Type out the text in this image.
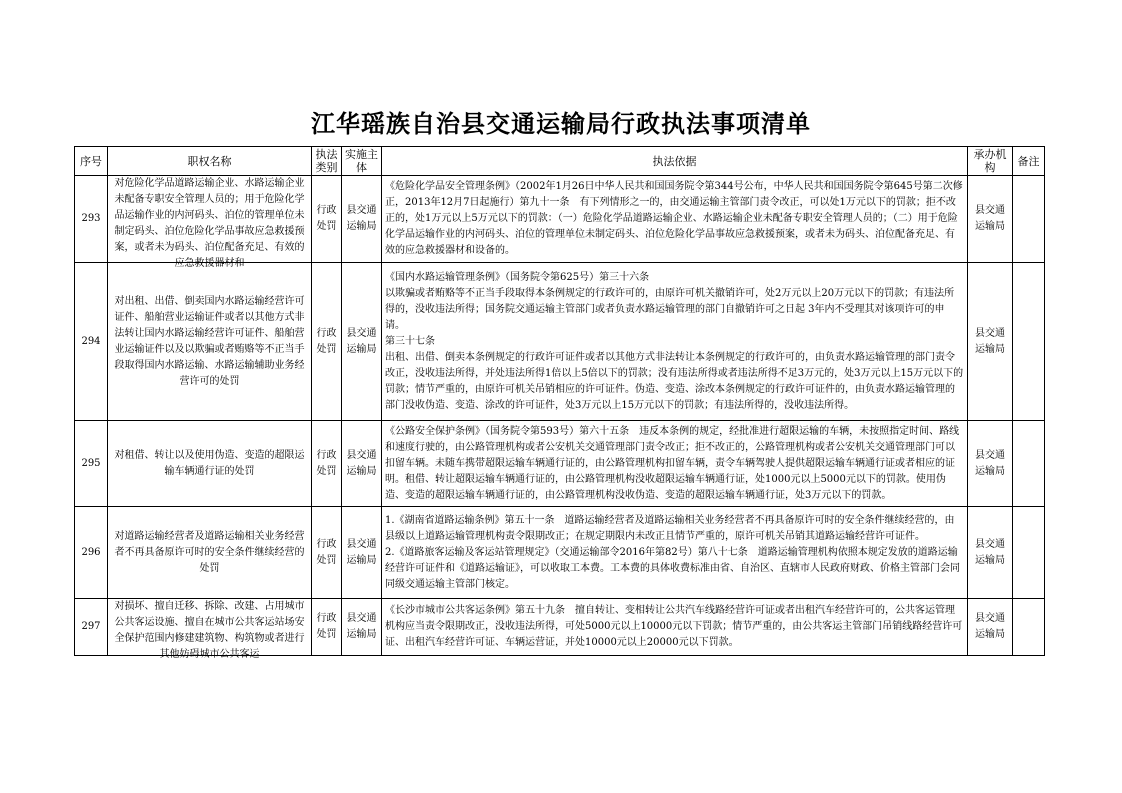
江华瑶族自治县交通运输局行政执法事项清单
序号	职权名称	执法类别	实施主体	执法依据	承办机构	备注
293	对危险化学品道路运输企业、水路运输企业未配备专职安全管理人员的；用于危险化学品运输作业的内河码头、泊位的管理单位未制定码头、泊位危险化学品事故应急救援预案，或者未为码头、泊位配备充足、有效的应急救援器材和	行政处罚	县交通运输局	《危险化学品安全管理条例》（2002年1月26日中华人民共和国国务院令第344号公布，中华人民共和国国务院令第645号第二次修正，2013年12月7日起施行）第九十一条　有下列情形之一的，由交通运输主管部门责令改正，可以处1万元以下的罚款；拒不改正的，处1万元以上5万元以下的罚款：（一）危险化学品道路运输企业、水路运输企业未配备专职安全管理人员的；（二）用于危险化学品运输作业的内河码头、泊位的管理单位未制定码头、泊位危险化学品事故应急救援预案，或者未为码头、泊位配备充足、有效的应急救援器材和设备的。	县交通运输局	
294	对出租、出借、倒卖国内水路运输经营许可证件、船舶营业运输证件或者以其他方式非法转让国内水路运输经营许可证件、船舶营业运输证件以及以欺骗或者贿赂等不正当手段取得国内水路运输、水路运输辅助业务经营许可的处罚	行政处罚	县交通运输局	《国内水路运输管理条例》（国务院令第625号）第三十六条
以欺骗或者贿赂等不正当手段取得本条例规定的行政许可的，由原许可机关撤销许可，处2万元以上20万元以下的罚款；有违法所得的，没收违法所得；国务院交通运输主管部门或者负责水路运输管理的部门自撤销许可之日起 3年内不受理其对该项许可的申请。
第三十七条
出租、出借、倒卖本条例规定的行政许可证件或者以其他方式非法转让本条例规定的行政许可的，由负责水路运输管理的部门责令改正，没收违法所得，并处违法所得1倍以上5倍以下的罚款；没有违法所得或者违法所得不足3万元的，处3万元以上15万元以下的罚款；情节严重的，由原许可机关吊销相应的许可证件。伪造、变造、涂改本条例规定的行政许可证件的，由负责水路运输管理的部门没收伪造、变造、涂改的许可证件，处3万元以上15万元以下的罚款；有违法所得的，没收违法所得。	县交通运输局	
295	对租借、转让以及使用伪造、变造的超限运输车辆通行证的处罚	行政处罚	县交通运输局	《公路安全保护条例》（国务院令第593号）第六十五条　违反本条例的规定，经批准进行超限运输的车辆，未按照指定时间、路线和速度行驶的，由公路管理机构或者公安机关交通管理部门责令改正；拒不改正的，公路管理机构或者公安机关交通管理部门可以扣留车辆。未随车携带超限运输车辆通行证的，由公路管理机构扣留车辆，责令车辆驾驶人提供超限运输车辆通行证或者相应的证明。租借、转让超限运输车辆通行证的，由公路管理机构没收超限运输车辆通行证，处1000元以上5000元以下的罚款。使用伪造、变造的超限运输车辆通行证的，由公路管理机构没收伪造、变造的超限运输车辆通行证，处3万元以下的罚款。	县交通运输局	
296	对道路运输经营者及道路运输相关业务经营者不再具备原许可时的安全条件继续经营的处罚	行政处罚	县交通运输局	1.《湖南省道路运输条例》第五十一条　道路运输经营者及道路运输相关业务经营者不再具备原许可时的安全条件继续经营的，由县级以上道路运输管理机构责令限期改正；在规定期限内未改正且情节严重的，原许可机关吊销其道路运输经营许可证件。
2.《道路旅客运输及客运站管理规定》（交通运输部令2016年第82号）第八十七条　道路运输管理机构依照本规定发放的道路运输经营许可证件和《道路运输证》，可以收取工本费。工本费的具体收费标准由省、自治区、直辖市人民政府财政、价格主管部门会同同级交通运输主管部门核定。	县交通运输局	
297	对损坏、擅自迁移、拆除、改建、占用城市公共客运设施、擅自在城市公共客运站场安全保护范围内修建建筑物、构筑物或者进行其他妨碍城市公共客运	行政处罚	县交通运输局	《长沙市城市公共客运条例》第五十九条　擅自转让、变相转让公共汽车线路经营许可证或者出租汽车经营许可的，公共客运管理机构应当责令限期改正，没收违法所得，可处5000元以上10000元以下罚款；情节严重的，由公共客运主管部门吊销线路经营许可证、出租汽车经营许可证、车辆运营证，并处10000元以上20000元以下罚款。	县交通运输局	
